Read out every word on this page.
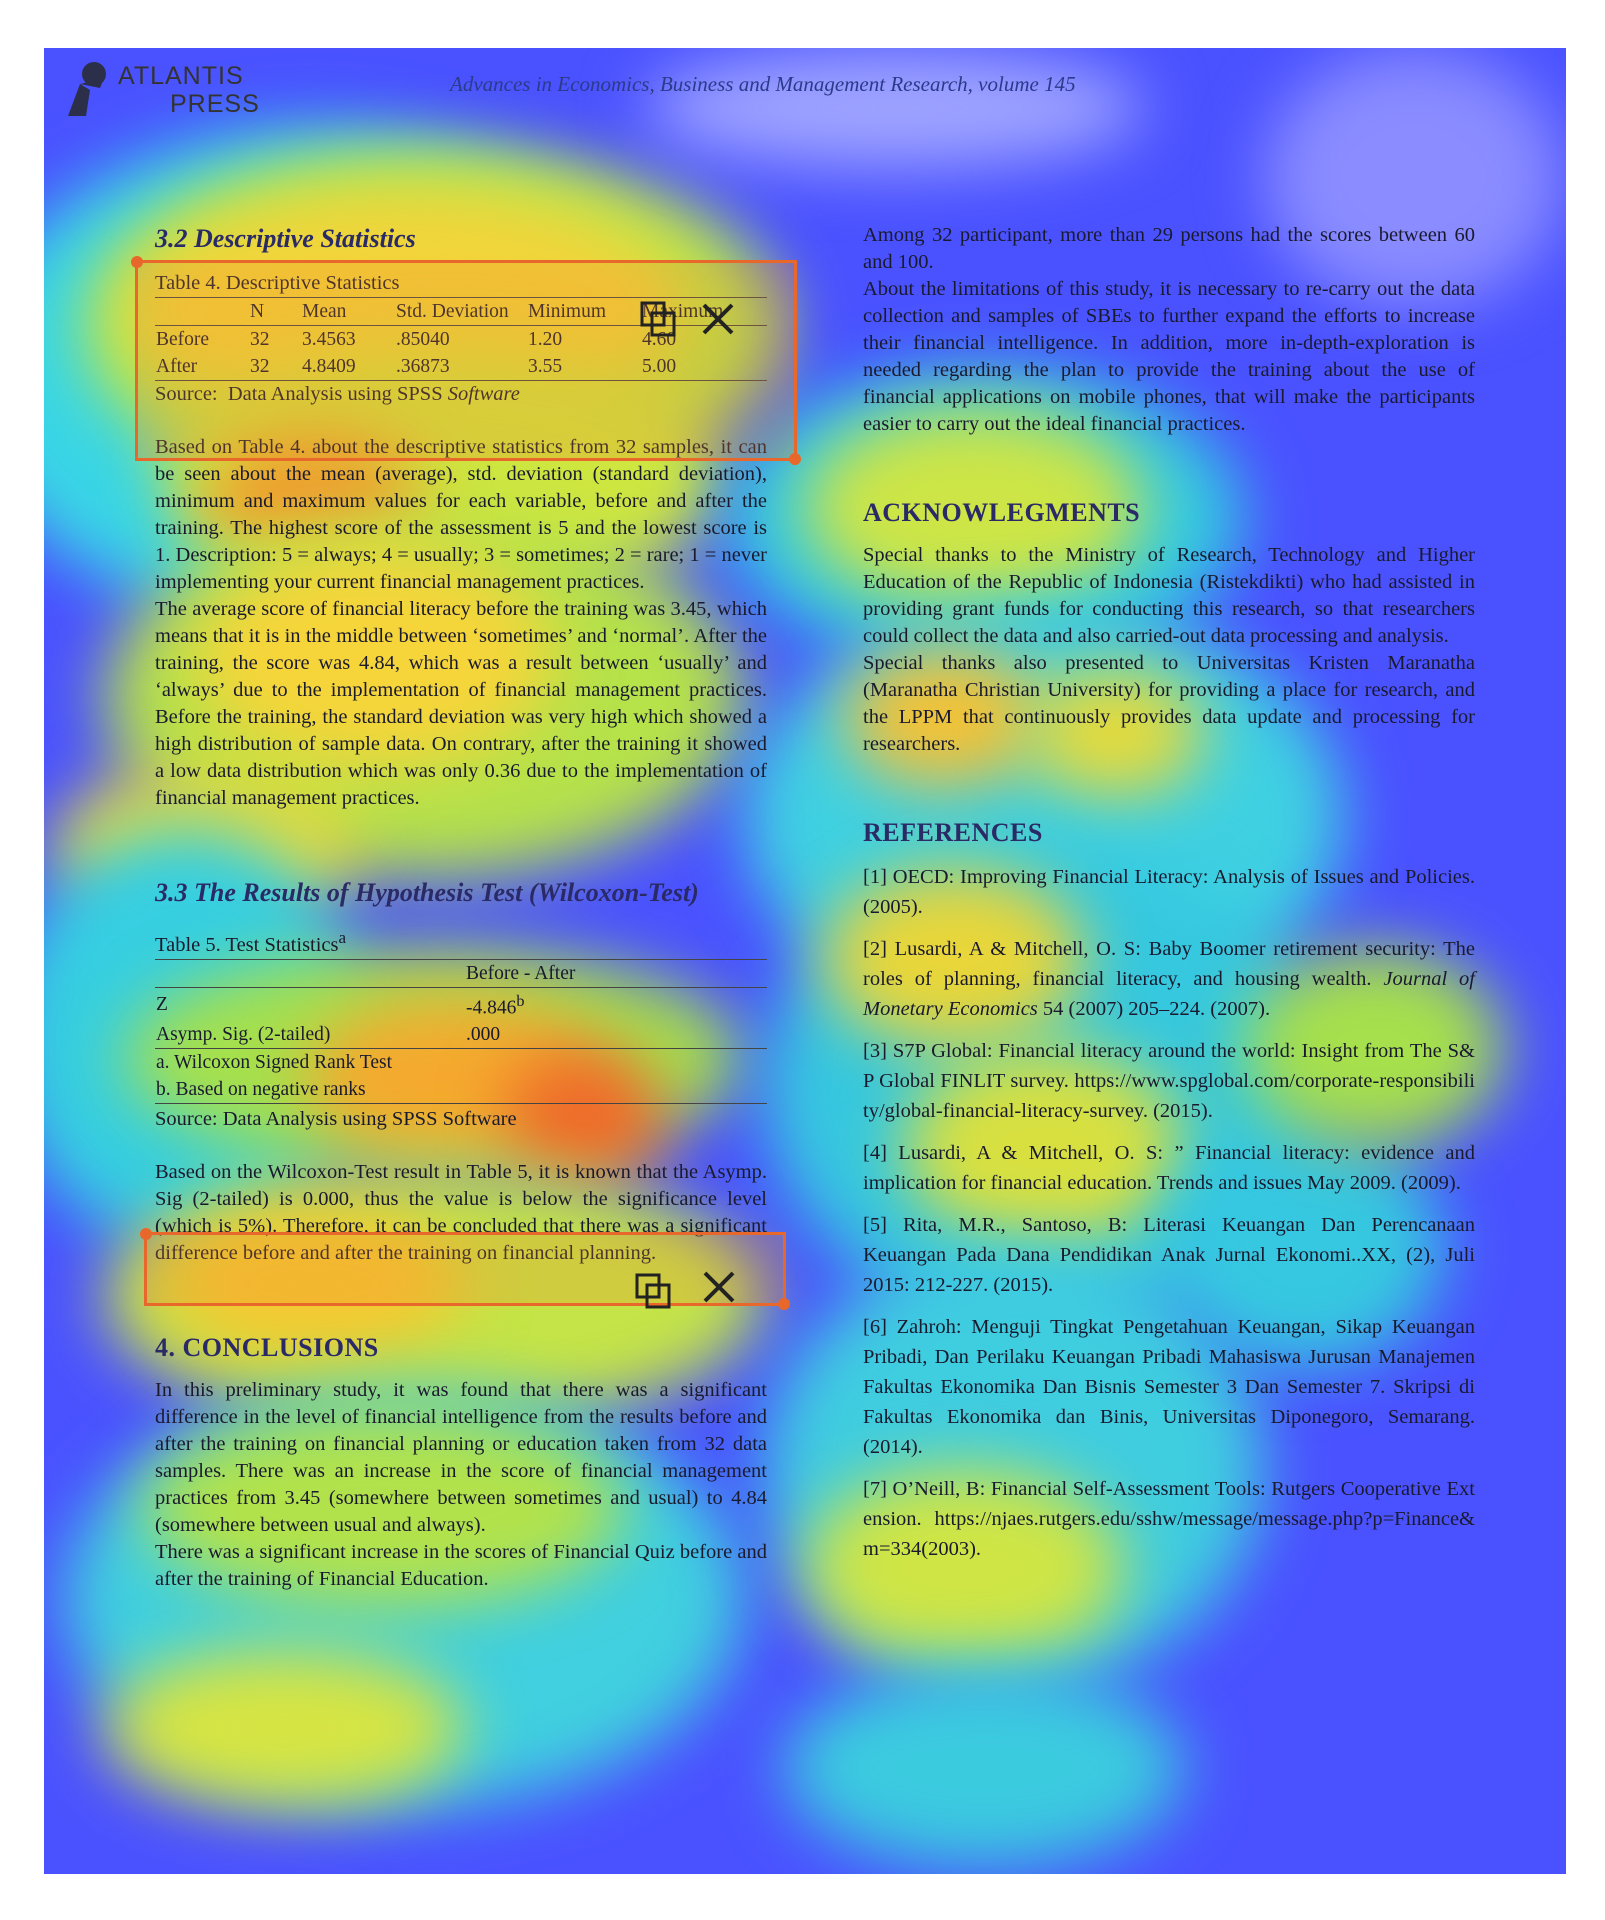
ATLANTIS
PRESS
Advances in Economics, Business and Management Research, volume 145
3.2 Descriptive Statistics

Table 4. Descriptive Statistics

	N	Mean	Std. Deviation	Minimum	Maximum
Before	32	3.4563	.85040	1.20	4.60
After	32	4.8409	.36873	3.55	5.00

Source: Data Analysis using SPSS Software

Based on Table 4. about the descriptive statistics from 32 samples, it can be seen about the mean (average), std. deviation (standard deviation), minimum and maximum values for each variable, before and after the training. The highest score of the assessment is 5 and the lowest score is 1. Description: 5 = always; 4 = usually; 3 = sometimes; 2 = rare; 1 = never implementing your current financial management practices.

The average score of financial literacy before the training was 3.45, which means that it is in the middle between ‘sometimes’ and ‘normal’. After the training, the score was 4.84, which was a result between ‘usually’ and ‘always’ due to the implementation of financial management practices. Before the training, the standard deviation was very high which showed a high distribution of sample data. On contrary, after the training it showed a low data distribution which was only 0.36 due to the implementation of financial management practices.

3.3 The Results of Hypothesis Test (Wilcoxon-Test)

Table 5. Test Statistics$^a$

	Before - After
Z	-4.846$^b$
Asymp. Sig. (2-tailed)	.000
a. Wilcoxon Signed Rank Test	
b. Based on negative ranks	

Source: Data Analysis using SPSS Software

Based on the Wilcoxon-Test result in Table 5, it is known that the Asymp. Sig (2-tailed) is 0.000, thus the value is below the significance level (which is 5%). Therefore, it can be concluded that there was a significant difference before and after the training on financial planning.

4. CONCLUSIONS

In this preliminary study, it was found that there was a significant difference in the level of financial intelligence from the results before and after the training on financial planning or education taken from 32 data samples. There was an increase in the score of financial management practices from 3.45 (somewhere between sometimes and usual) to 4.84 (somewhere between usual and always).

There was a significant increase in the scores of Financial Quiz before and after the training of Financial Education.

Among 32 participant, more than 29 persons had the scores between 60 and 100.

About the limitations of this study, it is necessary to re-carry out the data collection and samples of SBEs to further expand the efforts to increase their financial intelligence. In addition, more in-depth-exploration is needed regarding the plan to provide the training about the use of financial applications on mobile phones, that will make the participants easier to carry out the ideal financial practices.

ACKNOWLEGMENTS

Special thanks to the Ministry of Research, Technology and Higher Education of the Republic of Indonesia (Ristekdikti) who had assisted in providing grant funds for conducting this research, so that researchers could collect the data and also carried-out data processing and analysis.

Special thanks also presented to Universitas Kristen Maranatha (Maranatha Christian University) for providing a place for research, and the LPPM that continuously provides data update and processing for researchers.

REFERENCES

[1] OECD: Improving Financial Literacy: Analysis of Issues and Policies. (2005).

[2] Lusardi, A & Mitchell, O. S: Baby Boomer retirement security: The roles of planning, financial literacy, and housing wealth. Journal of Monetary Economics 54 (2007) 205–224. (2007).

[3] S7P Global: Financial literacy around the world: Insight from The S&P Global FINLIT survey. https://www.spglobal.com/corporate-responsibility/global-financial-literacy-survey. (2015).

[4] Lusardi, A & Mitchell, O. S: ” Financial literacy: evidence and implication for financial education. Trends and issues May 2009. (2009).

[5] Rita, M.R., Santoso, B: Literasi Keuangan Dan Perencanaan Keuangan Pada Dana Pendidikan Anak Jurnal Ekonomi..XX, (2), Juli 2015: 212-227. (2015).

[6] Zahroh: Menguji Tingkat Pengetahuan Keuangan, Sikap Keuangan Pribadi, Dan Perilaku Keuangan Pribadi Mahasiswa Jurusan Manajemen Fakultas Ekonomika Dan Bisnis Semester 3 Dan Semester 7. Skripsi di Fakultas Ekonomika dan Binis, Universitas Diponegoro, Semarang. (2014).

[7] O’Neill, B: Financial Self-Assessment Tools: Rutgers Cooperative Extension. https://njaes.rutgers.edu/sshw/message/message.php?p=Finance&m=334(2003).
